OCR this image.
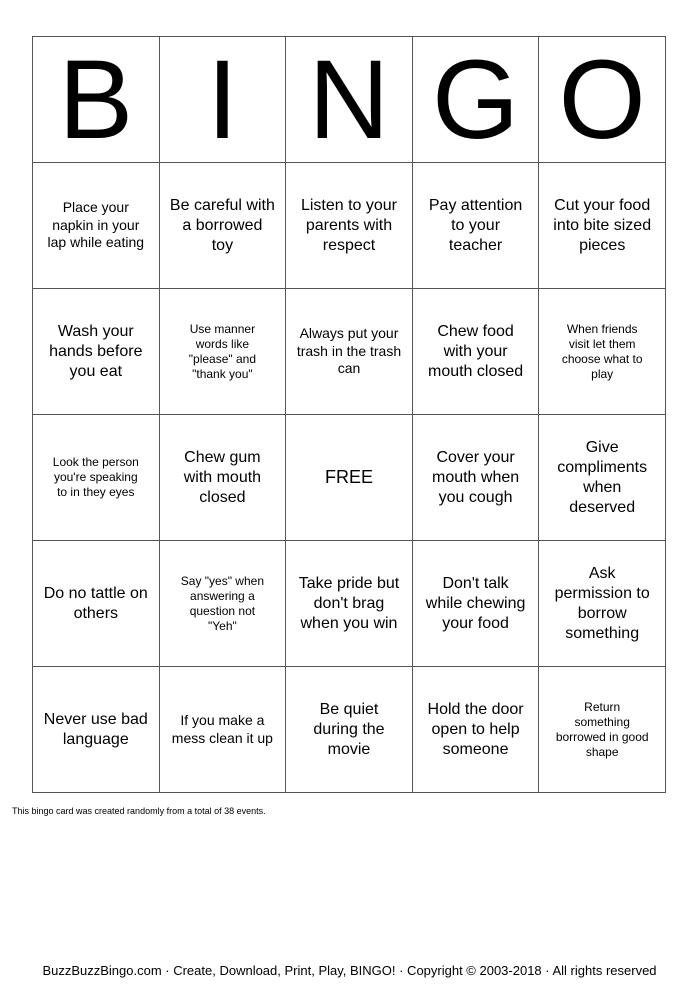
B	I	N	G	O
Place your napkin in your lap while eating	Be careful with a borrowed toy	Listen to your parents with respect	Pay attention to your teacher	Cut your food into bite sized pieces
Wash your hands before you eat	Use manner words like "please" and "thank you"	Always put your trash in the trash can	Chew food with your mouth closed	When friends visit let them choose what to play
Look the person you're speaking to in they eyes	Chew gum with mouth closed	FREE	Cover your mouth when you cough	Give compliments when deserved
Do no tattle on others	Say "yes" when answering a question not "Yeh"	Take pride but don't brag when you win	Don't talk while chewing your food	Ask permission to borrow something
Never use bad language	If you make a mess clean it up	Be quiet during the movie	Hold the door open to help someone	Return something borrowed in good shape
This bingo card was created randomly from a total of 38 events.
BuzzBuzzBingo.com · Create, Download, Print, Play, BINGO! · Copyright © 2003-2018 · All rights reserved
